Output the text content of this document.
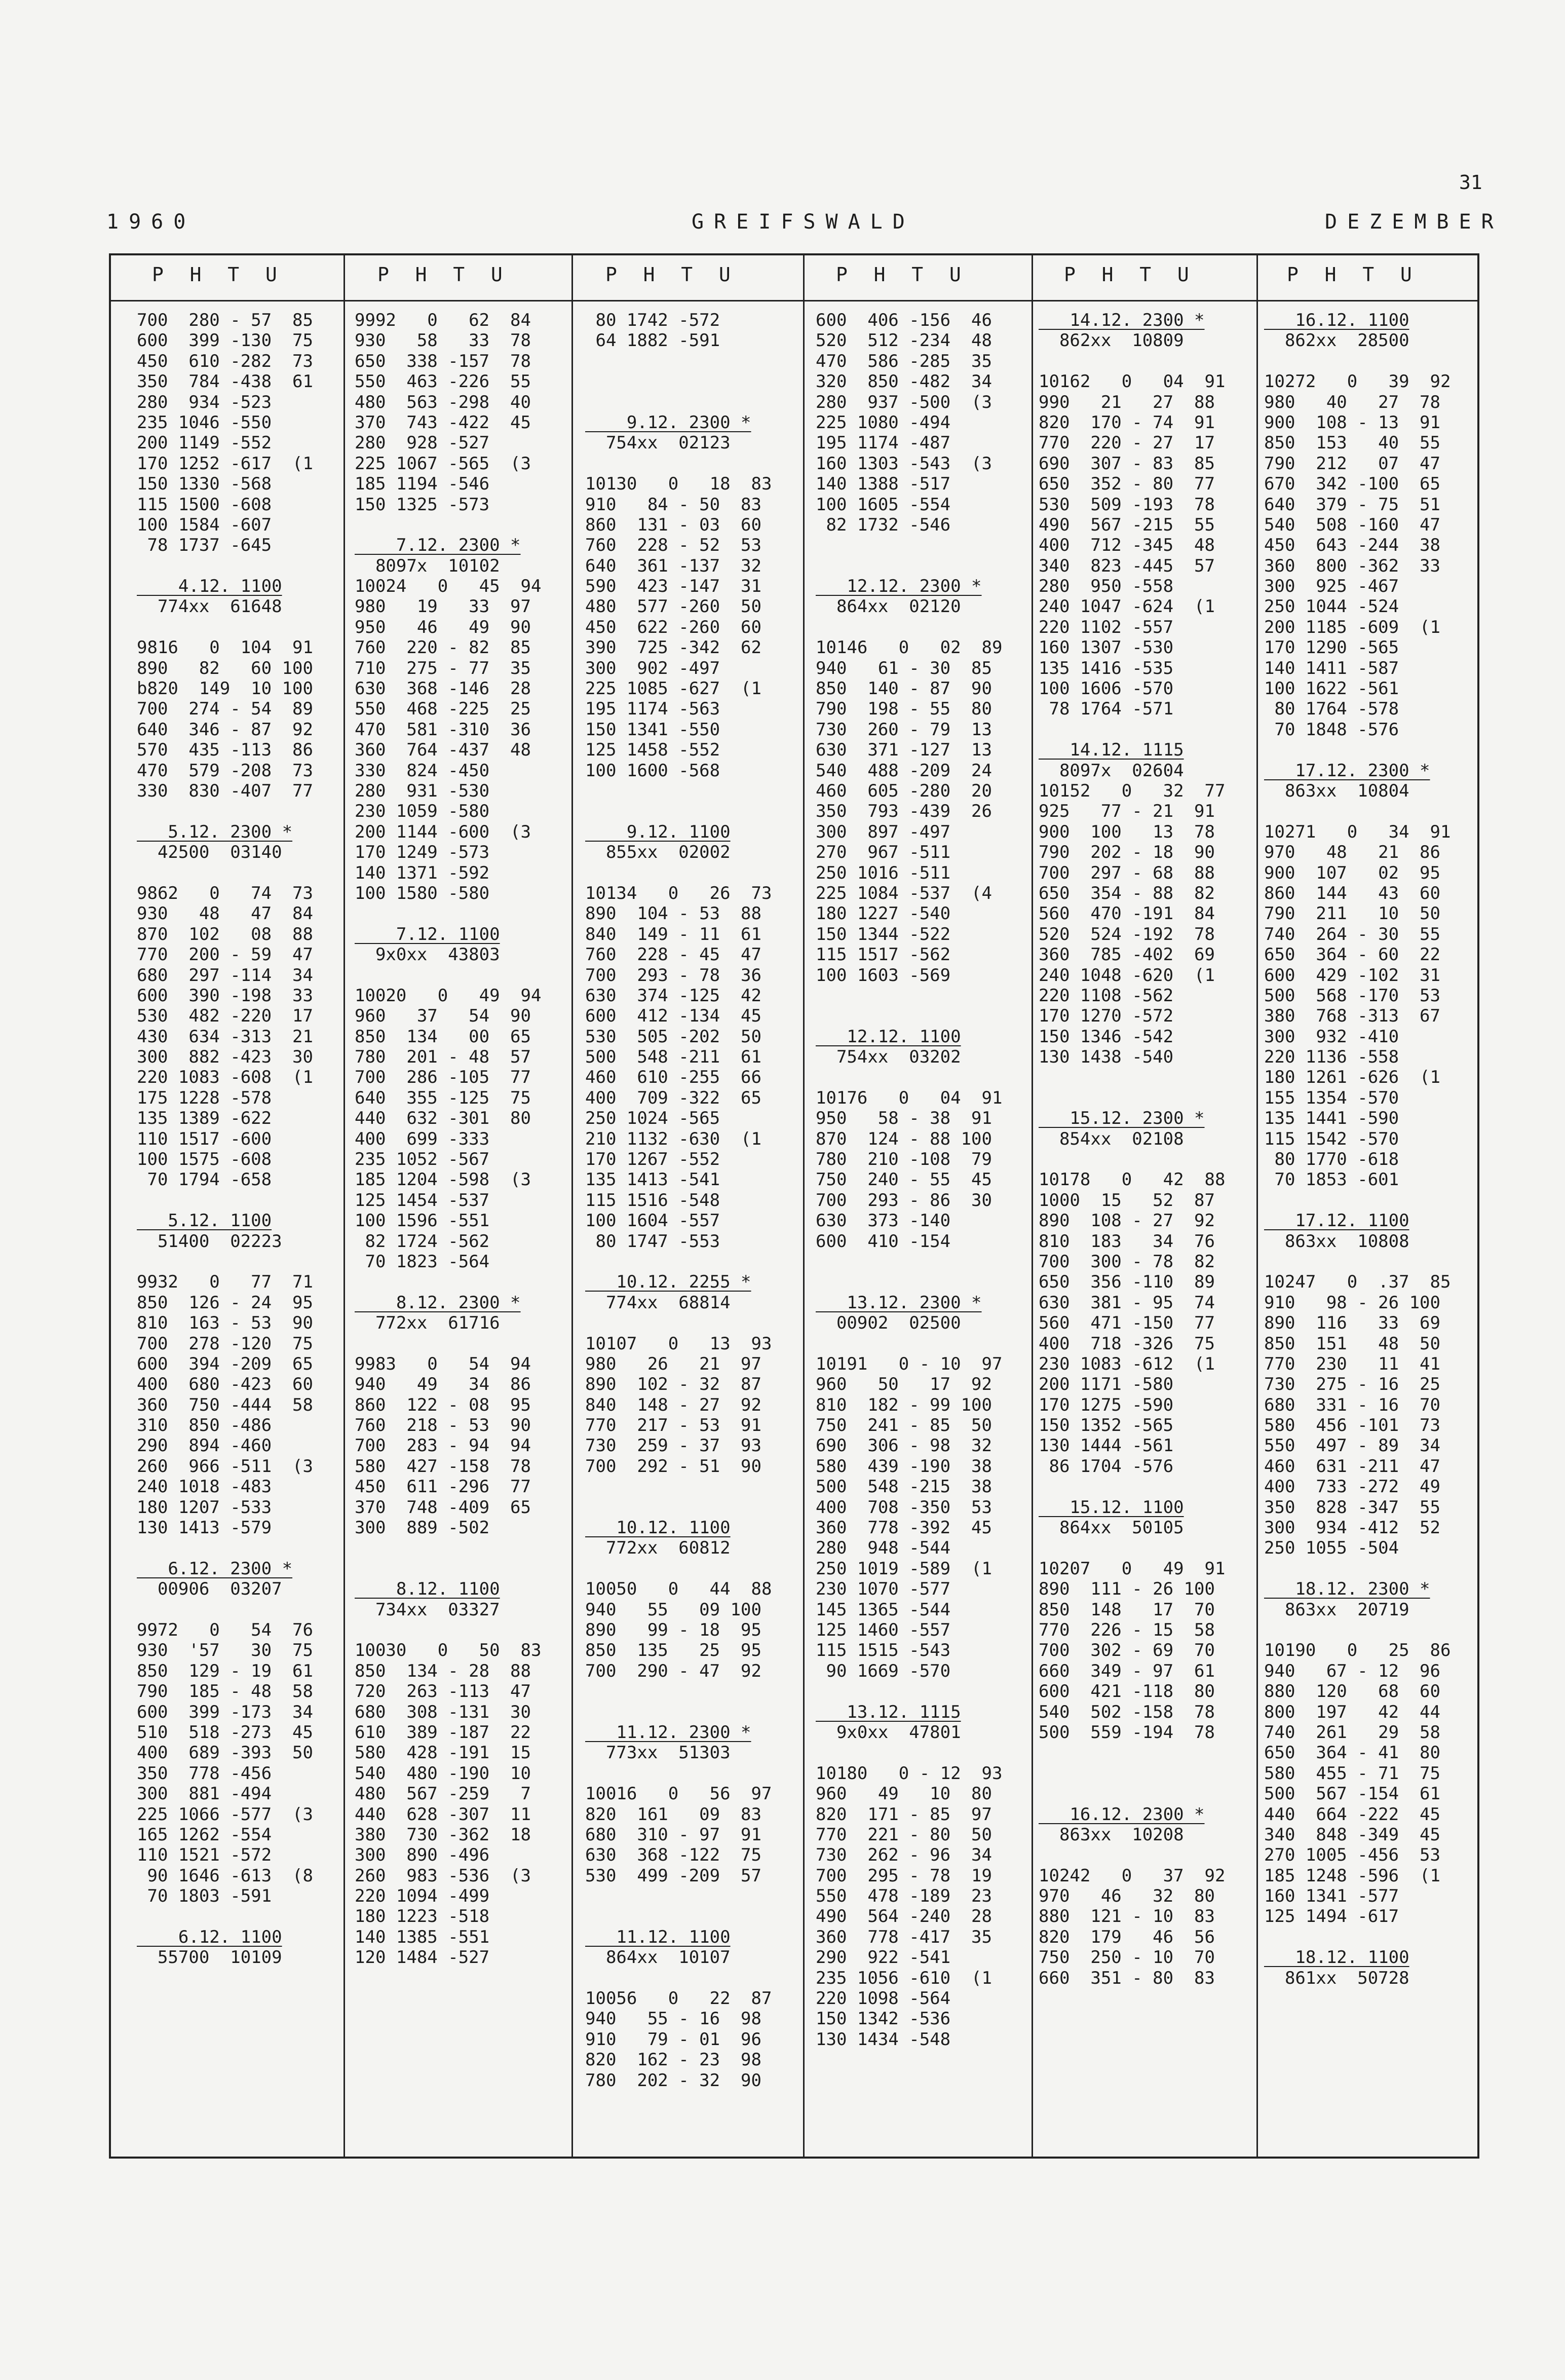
31
1960	GREIFSWALD	DEZEMBER
P  H  T  U	P  H  T  U	P  H  T  U	P  H  T  U	P  H  T  U	P  H  T  U
700  280 - 57  85
600  399 -130  75
450  610 -282  73
350  784 -438  61
280  934 -523
235 1046 -550
200 1149 -552
170 1252 -617  (1
150 1330 -568
115 1500 -608
100 1584 -607
78 1737 -645
4.12. 1100
774xx  61648
9816   0  104  91
890   82   60 100
b820  149  10 100
700  274 - 54  89
640  346 - 87  92
570  435 -113  86
470  579 -208  73
330  830 -407  77
5.12. 2300 *
42500  03140
9862   0   74  73
930   48   47  84
870  102   08  88
770  200 - 59  47
680  297 -114  34
600  390 -198  33
530  482 -220  17
430  634 -313  21
300  882 -423  30
220 1083 -608  (1
175 1228 -578
135 1389 -622
110 1517 -600
100 1575 -608
70 1794 -658
5.12. 1100
51400  02223
9932   0   77  71
850  126 - 24  95
810  163 - 53  90
700  278 -120  75
600  394 -209  65
400  680 -423  60
360  750 -444  58
310  850 -486
290  894 -460
260  966 -511  (3
240 1018 -483
180 1207 -533
130 1413 -579
6.12. 2300 *
00906  03207
9972   0   54  76
930  '57   30  75
850  129 - 19  61
790  185 - 48  58
600  399 -173  34
510  518 -273  45
400  689 -393  50
350  778 -456
300  881 -494
225 1066 -577  (3
165 1262 -554
110 1521 -572
90 1646 -613  (8
70 1803 -591
6.12. 1100
55700  10109
9992   0   62  84
930   58   33  78
650  338 -157  78
550  463 -226  55
480  563 -298  40
370  743 -422  45
280  928 -527
225 1067 -565  (3
185 1194 -546
150 1325 -573
7.12. 2300 *
8097x  10102
10024   0   45  94
980   19   33  97
950   46   49  90
760  220 - 82  85
710  275 - 77  35
630  368 -146  28
550  468 -225  25
470  581 -310  36
360  764 -437  48
330  824 -450
280  931 -530
230 1059 -580
200 1144 -600  (3
170 1249 -573
140 1371 -592
100 1580 -580
7.12. 1100
9x0xx  43803
10020   0   49  94
960   37   54  90
850  134   00  65
780  201 - 48  57
700  286 -105  77
640  355 -125  75
440  632 -301  80
400  699 -333
235 1052 -567
185 1204 -598  (3
125 1454 -537
100 1596 -551
82 1724 -562
70 1823 -564
8.12. 2300 *
772xx  61716
9983   0   54  94
940   49   34  86
860  122 - 08  95
760  218 - 53  90
700  283 - 94  94
580  427 -158  78
450  611 -296  77
370  748 -409  65
300  889 -502
8.12. 1100
734xx  03327
10030   0   50  83
850  134 - 28  88
720  263 -113  47
680  308 -131  30
610  389 -187  22
580  428 -191  15
540  480 -190  10
480  567 -259   7
440  628 -307  11
380  730 -362  18
300  890 -496
260  983 -536  (3
220 1094 -499
180 1223 -518
140 1385 -551
120 1484 -527
80 1742 -572
64 1882 -591
9.12. 2300 *
754xx  02123
10130   0   18  83
910   84 - 50  83
860  131 - 03  60
760  228 - 52  53
640  361 -137  32
590  423 -147  31
480  577 -260  50
450  622 -260  60
390  725 -342  62
300  902 -497
225 1085 -627  (1
195 1174 -563
150 1341 -550
125 1458 -552
100 1600 -568
9.12. 1100
855xx  02002
10134   0   26  73
890  104 - 53  88
840  149 - 11  61
760  228 - 45  47
700  293 - 78  36
630  374 -125  42
600  412 -134  45
530  505 -202  50
500  548 -211  61
460  610 -255  66
400  709 -322  65
250 1024 -565
210 1132 -630  (1
170 1267 -552
135 1413 -541
115 1516 -548
100 1604 -557
80 1747 -553
10.12. 2255 *
774xx  68814
10107   0   13  93
980   26   21  97
890  102 - 32  87
840  148 - 27  92
770  217 - 53  91
730  259 - 37  93
700  292 - 51  90
10.12. 1100
772xx  60812
10050   0   44  88
940   55   09 100
890   99 - 18  95
850  135   25  95
700  290 - 47  92
11.12. 2300 *
773xx  51303
10016   0   56  97
820  161   09  83
680  310 - 97  91
630  368 -122  75
530  499 -209  57
11.12. 1100
864xx  10107
10056   0   22  87
940   55 - 16  98
910   79 - 01  96
820  162 - 23  98
780  202 - 32  90
600  406 -156  46
520  512 -234  48
470  586 -285  35
320  850 -482  34
280  937 -500  (3
225 1080 -494
195 1174 -487
160 1303 -543  (3
140 1388 -517
100 1605 -554
82 1732 -546
12.12. 2300 *
864xx  02120
10146   0   02  89
940   61 - 30  85
850  140 - 87  90
790  198 - 55  80
730  260 - 79  13
630  371 -127  13
540  488 -209  24
460  605 -280  20
350  793 -439  26
300  897 -497
270  967 -511
250 1016 -511
225 1084 -537  (4
180 1227 -540
150 1344 -522
115 1517 -562
100 1603 -569
12.12. 1100
754xx  03202
10176   0   04  91
950   58 - 38  91
870  124 - 88 100
780  210 -108  79
750  240 - 55  45
700  293 - 86  30
630  373 -140
600  410 -154
13.12. 2300 *
00902  02500
10191   0 - 10  97
960   50   17  92
810  182 - 99 100
750  241 - 85  50
690  306 - 98  32
580  439 -190  38
500  548 -215  38
400  708 -350  53
360  778 -392  45
280  948 -544
250 1019 -589  (1
230 1070 -577
145 1365 -544
125 1460 -557
115 1515 -543
90 1669 -570
13.12. 1115
9x0xx  47801
10180   0 - 12  93
960   49   10  80
820  171 - 85  97
770  221 - 80  50
730  262 - 96  34
700  295 - 78  19
550  478 -189  23
490  564 -240  28
360  778 -417  35
290  922 -541
235 1056 -610  (1
220 1098 -564
150 1342 -536
130 1434 -548
14.12. 2300 *
862xx  10809
10162   0   04  91
990   21   27  88
820  170 - 74  91
770  220 - 27  17
690  307 - 83  85
650  352 - 80  77
530  509 -193  78
490  567 -215  55
400  712 -345  48
340  823 -445  57
280  950 -558
240 1047 -624  (1
220 1102 -557
160 1307 -530
135 1416 -535
100 1606 -570
78 1764 -571
14.12. 1115
8097x  02604
10152   0   32  77
925   77 - 21  91
900  100   13  78
790  202 - 18  90
700  297 - 68  88
650  354 - 88  82
560  470 -191  84
520  524 -192  78
360  785 -402  69
240 1048 -620  (1
220 1108 -562
170 1270 -572
150 1346 -542
130 1438 -540
15.12. 2300 *
854xx  02108
10178   0   42  88
1000  15   52  87
890  108 - 27  92
810  183   34  76
700  300 - 78  82
650  356 -110  89
630  381 - 95  74
560  471 -150  77
400  718 -326  75
230 1083 -612  (1
200 1171 -580
170 1275 -590
150 1352 -565
130 1444 -561
86 1704 -576
15.12. 1100
864xx  50105
10207   0   49  91
890  111 - 26 100
850  148   17  70
770  226 - 15  58
700  302 - 69  70
660  349 - 97  61
600  421 -118  80
540  502 -158  78
500  559 -194  78
16.12. 2300 *
863xx  10208
10242   0   37  92
970   46   32  80
880  121 - 10  83
820  179   46  56
750  250 - 10  70
660  351 - 80  83
16.12. 1100
862xx  28500
10272   0   39  92
980   40   27  78
900  108 - 13  91
850  153   40  55
790  212   07  47
670  342 -100  65
640  379 - 75  51
540  508 -160  47
450  643 -244  38
360  800 -362  33
300  925 -467
250 1044 -524
200 1185 -609  (1
170 1290 -565
140 1411 -587
100 1622 -561
80 1764 -578
70 1848 -576
17.12. 2300 *
863xx  10804
10271   0   34  91
970   48   21  86
900  107   02  95
860  144   43  60
790  211   10  50
740  264 - 30  55
650  364 - 60  22
600  429 -102  31
500  568 -170  53
380  768 -313  67
300  932 -410
220 1136 -558
180 1261 -626  (1
155 1354 -570
135 1441 -590
115 1542 -570
80 1770 -618
70 1853 -601
17.12. 1100
863xx  10808
10247   0  .37  85
910   98 - 26 100
890  116   33  69
850  151   48  50
770  230   11  41
730  275 - 16  25
680  331 - 16  70
580  456 -101  73
550  497 - 89  34
460  631 -211  47
400  733 -272  49
350  828 -347  55
300  934 -412  52
250 1055 -504
18.12. 2300 *
863xx  20719
10190   0   25  86
940   67 - 12  96
880  120   68  60
800  197   42  44
740  261   29  58
650  364 - 41  80
580  455 - 71  75
500  567 -154  61
440  664 -222  45
340  848 -349  45
270 1005 -456  53
185 1248 -596  (1
160 1341 -577
125 1494 -617
18.12. 1100
861xx  50728
